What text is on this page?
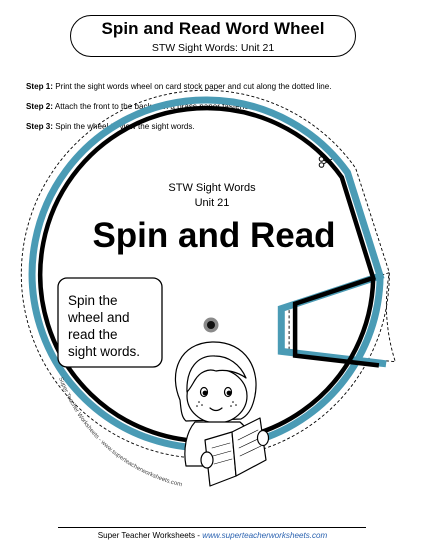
Spin and Read Word Wheel
STW Sight Words: Unit 21
Step 1: Print the sight words wheel on card stock paper and cut along the dotted line.
Step 2: Attach the front to the back with a brass paper fastener.
Step 3: Spin the wheel to view the sight words.
Super Teacher Worksheets - www.superteacherworksheets.com
STW Sight Words
Unit 21
Spin and Read
Spin the
wheel and
read the
sight words.
Super Teacher Worksheets - www.superteacherworksheets.com
